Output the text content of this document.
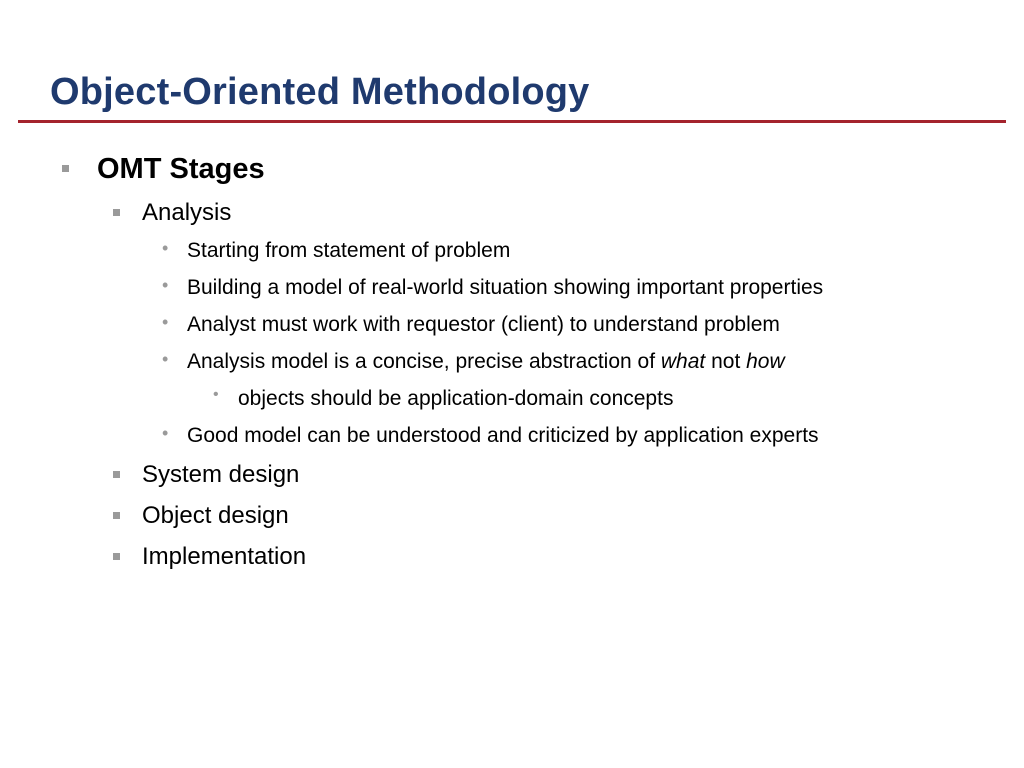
Object-Oriented Methodology
OMT Stages
Analysis
• Starting from statement of problem
• Building a model of real-world situation showing important properties
• Analyst must work with requestor (client) to understand problem
• Analysis model is a concise, precise abstraction of what not how
• objects should be application-domain concepts
• Good model can be understood and criticized by application experts
System design
Object design
Implementation
